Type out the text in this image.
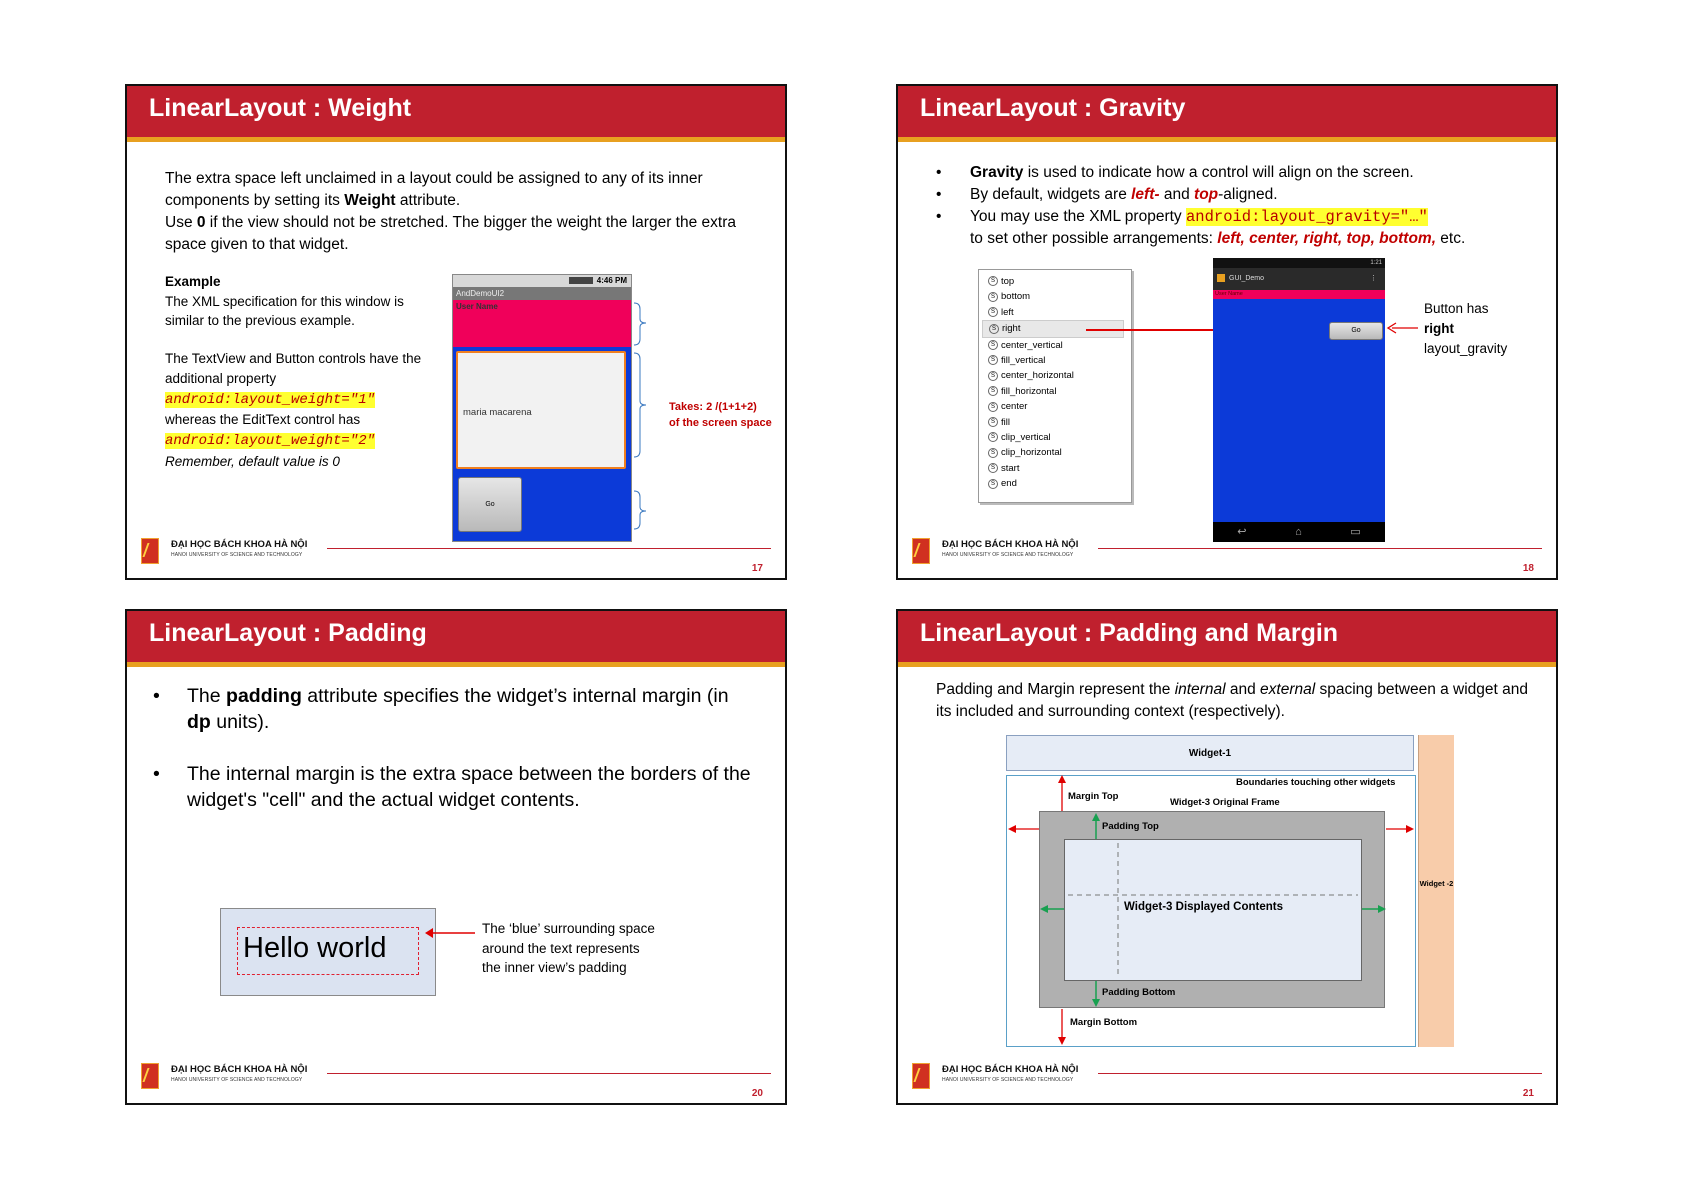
LinearLayout : Weight
The extra space left unclaimed in a layout could be assigned to any of its inner components by setting its Weight attribute.
Use 0 if the view should not be stretched. The bigger the weight the larger the extra space given to that widget.
Example
The XML specification for this window is similar to the previous example.

The TextView and Button controls have the additional property
android:layout_weight="1"
whereas the EditText control has
android:layout_weight="2"
Remember, default value is 0
4:46 PM
AndDemoUI2
User Name
maria macarena
Go
Takes: 2 /(1+1+2)
of the screen space
ĐẠI HỌC BÁCH KHOA HÀ NỘI
HANOI UNIVERSITY OF SCIENCE AND TECHNOLOGY
17
LinearLayout : Gravity
• Gravity is used to indicate how a control will align on the screen.
• By default, widgets are left- and top-aligned.
• You may use the XML property android:layout_gravity="…"
to set other possible arrangements: left, center, right, top, bottom, etc.
S top
S bottom
S left
S right
S center_vertical
S fill_vertical
S center_horizontal
S fill_horizontal
S center
S fill
S clip_vertical
S clip_horizontal
S start
S end
1:21
GUI_Demo	⋮
User Name
Go
↩	⌂	▭
Button has
right
layout_gravity
ĐẠI HỌC BÁCH KHOA HÀ NỘI
HANOI UNIVERSITY OF SCIENCE AND TECHNOLOGY
18
LinearLayout : Padding
• The padding attribute specifies the widget’s internal margin (in dp units).
• The internal margin is the extra space between the borders of the widget's "cell" and the actual widget contents.
Hello world
The ‘blue’ surrounding space
around the text represents
the inner view’s padding
ĐẠI HỌC BÁCH KHOA HÀ NỘI
HANOI UNIVERSITY OF SCIENCE AND TECHNOLOGY
20
LinearLayout : Padding and Margin
Padding and Margin represent the internal and external spacing between a widget and its included and surrounding context (respectively).
Widget-1
Widget -2
Boundaries touching other widgets
Margin Top
Widget-3 Original Frame
Padding Top
Widget-3 Displayed Contents
Padding Bottom
Margin Bottom
ĐẠI HỌC BÁCH KHOA HÀ NỘI
HANOI UNIVERSITY OF SCIENCE AND TECHNOLOGY
21
